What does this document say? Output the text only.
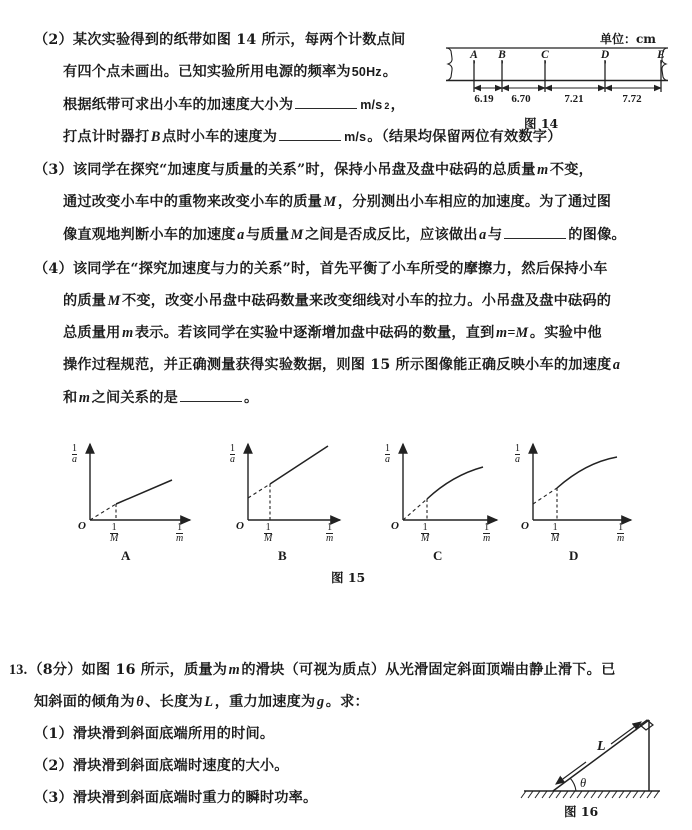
（2） 某次实验得到的纸带如图 14 所示，每两个计数点间
有四个点未画出。已知实验所用电源的频率为 50Hz 。
根据纸带可求出小车的加速度大小为	m/s 2 ，
打点计时器打 B 点时小车的速度为	m/s 。（结果均保留两位有效数字）
单位：cm
A B	C	D	E
6.19 6.70	7.21	7.72
图 14
（3） 该同学在探究“加速度与质量的关系”时，保持小吊盘及盘中砝码的总质量 m 不变，
通过改变小车中的重物来改变小车的质量 M ，分别测出小车相应的加速度。为了通过图
像直观地判断小车的加速度 a 与质量 M 之间是否成反比，应该做出 a 与	的图像。
（4） 该同学在“探究加速度与力的关系”时，首先平衡了小车所受的摩擦力，然后保持小车
的质量 M 不变，改变小吊盘中砝码数量来改变细线对小车的拉力。小吊盘及盘中砝码的
总质量用 m 表示。若该同学在实验中逐渐增加盘中砝码的数量，直到 m=M 。实验中他
操作过程规范，并正确测量获得实验数据，则图 15 所示图像能正确反映小车的加速度 a
和 m 之间关系的是	。
$\frac{1}{a}$
O $\frac{1}{M}$	$\frac{1}{m}$
A
$\frac{1}{a}$
O $\frac{1}{M}$	$\frac{1}{m}$
B
$\frac{1}{a}$
O $\frac{1}{M}$	$\frac{1}{m}$
C
$\frac{1}{a}$
O $\frac{1}{M}$	$\frac{1}{m}$
D
图 15
13. （8分） 如图 16 所示，质量为 m 的滑块（可视为质点）从光滑固定斜面顶端由静止滑下。已
知斜面的倾角为 θ 、长度为 L ，重力加速度为 g 。求：
（1）滑块滑到斜面底端所用的时间。
（2）滑块滑到斜面底端时速度的大小。
（3）滑块滑到斜面底端时重力的瞬时功率。
L
θ
图 16
